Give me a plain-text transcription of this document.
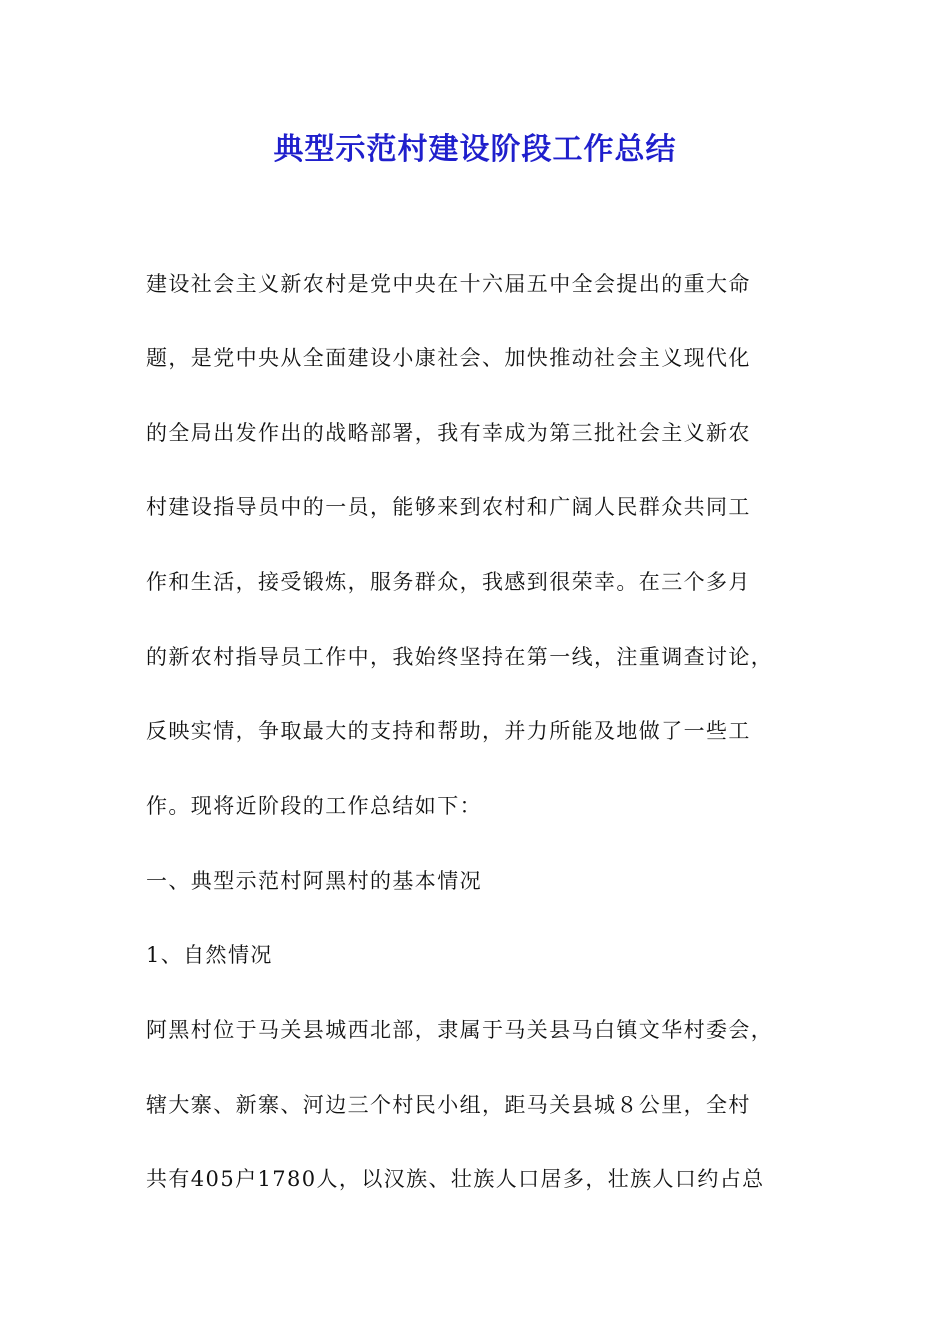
典型示范村建设阶段工作总结
建设社会主义新农村是党中央在十六届五中全会提出的重大命
题，是党中央从全面建设小康社会、加快推动社会主义现代化
的全局出发作出的战略部署，我有幸成为第三批社会主义新农
村建设指导员中的一员，能够来到农村和广阔人民群众共同工
作和生活，接受锻炼，服务群众，我感到很荣幸。在三个多月
的新农村指导员工作中，我始终坚持在第一线，注重调查讨论，
反映实情，争取最大的支持和帮助，并力所能及地做了一些工
作。现将近阶段的工作总结如下：
一、典型示范村阿黑村的基本情况
1、自然情况
阿黑村位于马关县城西北部，隶属于马关县马白镇文华村委会，
辖大寨、新寨、河边三个村民小组，距马关县城８公里，全村
共有405户1780人，以汉族、壮族人口居多，壮族人口约占总
